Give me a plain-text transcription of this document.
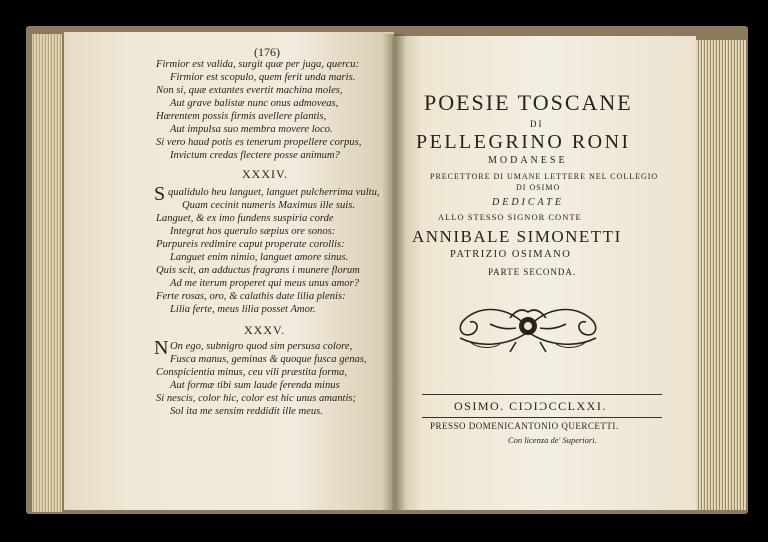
(176)
Firmior est valida, surgit quæ per juga, quercu:
Firmior est scopulo, quem ferit unda maris.
Non si, quæ extantes evertit machina moles,
Aut grave balistæ nunc onus admoveas,
Hærentem possis firmis avellere plantis,
Aut impulsa suo membra movere loco.
Si vero haud potis es tenerum propellere corpus,
Invictum credas flectere posse animum?
XXXIV.
S qualidulo heu languet, languet pulcherrima vultu,
Quam cecinit numeris Maximus ille suis.
Languet, & ex imo fundens suspiria corde
Integrat hos querulo sæpius ore sonos:
Purpureis redimire caput properate corollis:
Languet enim nimio, languet amore sinus.
Quis scit, an adductus fragrans i munere florum
Ad me iterum properet qui meus unus amor?
Ferte rosas, oro, & calathis date lilia plenis:
Lilia ferte, meus lilia posset Amor.
XXXV.
N On ego, subnigro quod sim persusa colore,
Fusca manus, geminas & quoque fusca genas,
Conspicientia minus, ceu vili præstita forma,
Aut formæ tibi sum laude ferenda minus
Si nescis, color hic, color est hic unus amantis;
Sol ita me sensim reddidit ille meus.
POESIE TOSCANE
DI
PELLEGRINO RONI
MODANESE
PRECETTORE DI UMANE LETTERE NEL COLLEGIO
DI OSIMO
DEDICATE
ALLO STESSO SIGNOR CONTE
ANNIBALE SIMONETTI
PATRIZIO OSIMANO
PARTE SECONDA.
OSIMO. CIƆIƆCCLXXI.
PRESSO DOMENICANTONIO QUERCETTI.
Con licenza de' Superiori.
